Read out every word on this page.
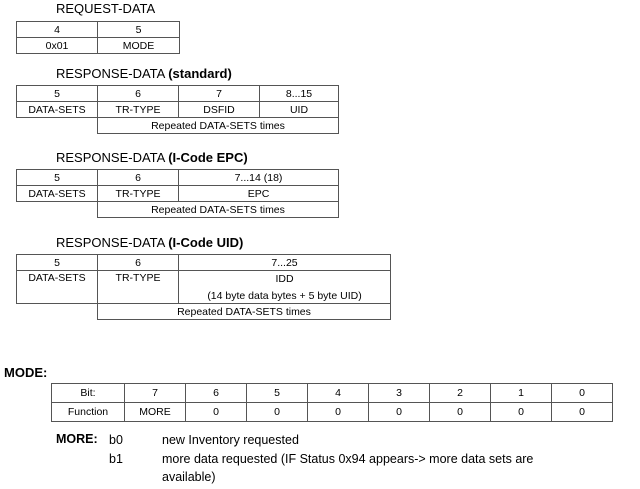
REQUEST-DATA
4	5
0x01	MODE
RESPONSE-DATA (standard)
5	6	7	8...15
DATA-SETS	TR-TYPE	DSFID	UID
	Repeated DATA-SETS times		
RESPONSE-DATA (I-Code EPC)
5	6	7...14 (18)
DATA-SETS	TR-TYPE	EPC
	Repeated DATA-SETS times	
RESPONSE-DATA (I-Code UID)
5	6	7...25
DATA-SETS	TR-TYPE	IDD
(14 byte data bytes + 5 byte UID)

	Repeated DATA-SETS times	
MODE:
Bit:	7	6	5	4	3	2	1	0
Function	MORE	0	0	0	0	0	0	0
MORE: b0	new Inventory requested
b1	more data requested (IF Status 0x94 appears-> more data sets are
available)
